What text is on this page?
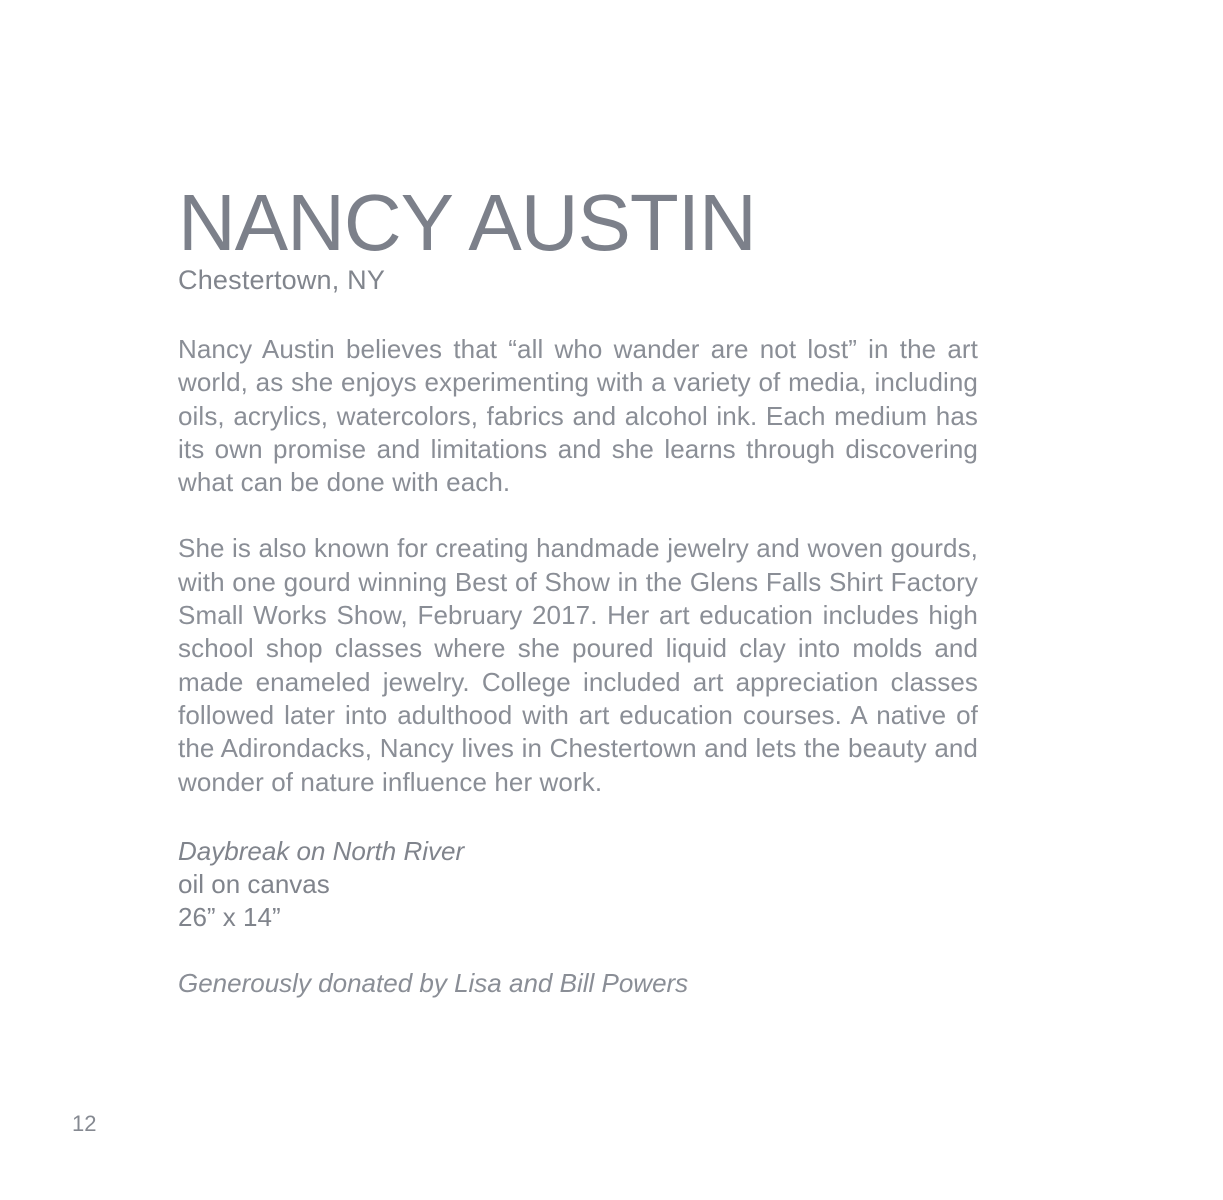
NANCY AUSTIN
Chestertown, NY

Nancy Austin believes that “all who wander are not lost” in the art world, as she enjoys experimenting with a variety of media, including oils, acrylics, watercolors, fabrics and alcohol ink. Each medium has its own promise and limitations and she learns through discovering what can be done with each.

She is also known for creating handmade jewelry and woven gourds, with one gourd winning Best of Show in the Glens Falls Shirt Factory Small Works Show, February 2017. Her art education includes high school shop classes where she poured liquid clay into molds and made enameled jewelry. College included art appreciation classes followed later into adulthood with art education courses. A native of the Adirondacks, Nancy lives in Chestertown and lets the beauty and wonder of nature influence her work.

Daybreak on North River
oil on canvas
26” x 14”
Generously donated by Lisa and Bill Powers
12
